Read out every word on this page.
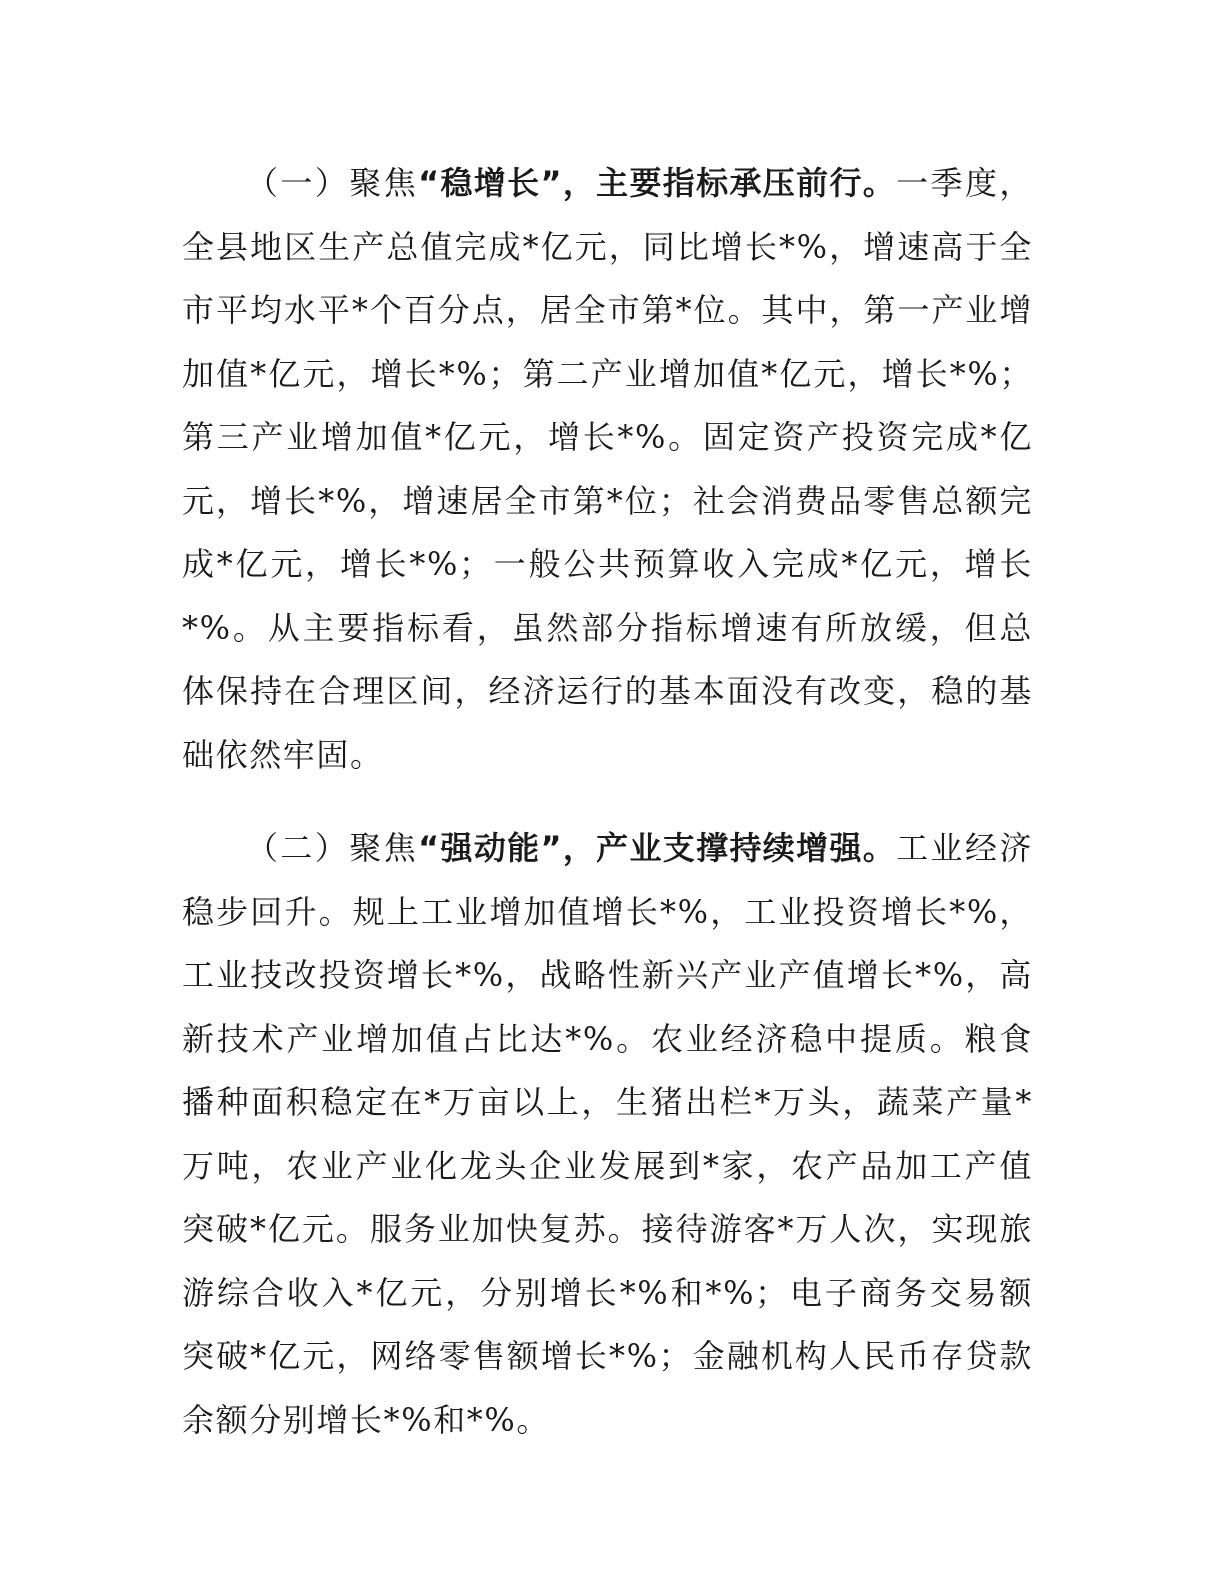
（一）聚焦“稳增长”，主要指标承压前行。一季度，全县地区生产总值完成*亿元，同比增长*%，增速高于全市平均水平*个百分点，居全市第*位。其中，第一产业增加值*亿元，增长*%；第二产业增加值*亿元，增长*%；第三产业增加值*亿元，增长*%。固定资产投资完成*亿元，增长*%，增速居全市第*位；社会消费品零售总额完成*亿元，增长*%；一般公共预算收入完成*亿元，增长*%。从主要指标看，虽然部分指标增速有所放缓，但总体保持在合理区间，经济运行的基本面没有改变，稳的基础依然牢固。

（二）聚焦“强动能”，产业支撑持续增强。工业经济稳步回升。规上工业增加值增长*%，工业投资增长*%，工业技改投资增长*%，战略性新兴产业产值增长*%，高新技术产业增加值占比达*%。农业经济稳中提质。粮食播种面积稳定在*万亩以上，生猪出栏*万头，蔬菜产量*万吨，农业产业化龙头企业发展到*家，农产品加工产值突破*亿元。服务业加快复苏。接待游客*万人次，实现旅游综合收入*亿元，分别增长*%和*%；电子商务交易额突破*亿元，网络零售额增长*%；金融机构人民币存贷款余额分别增长*%和*%。
